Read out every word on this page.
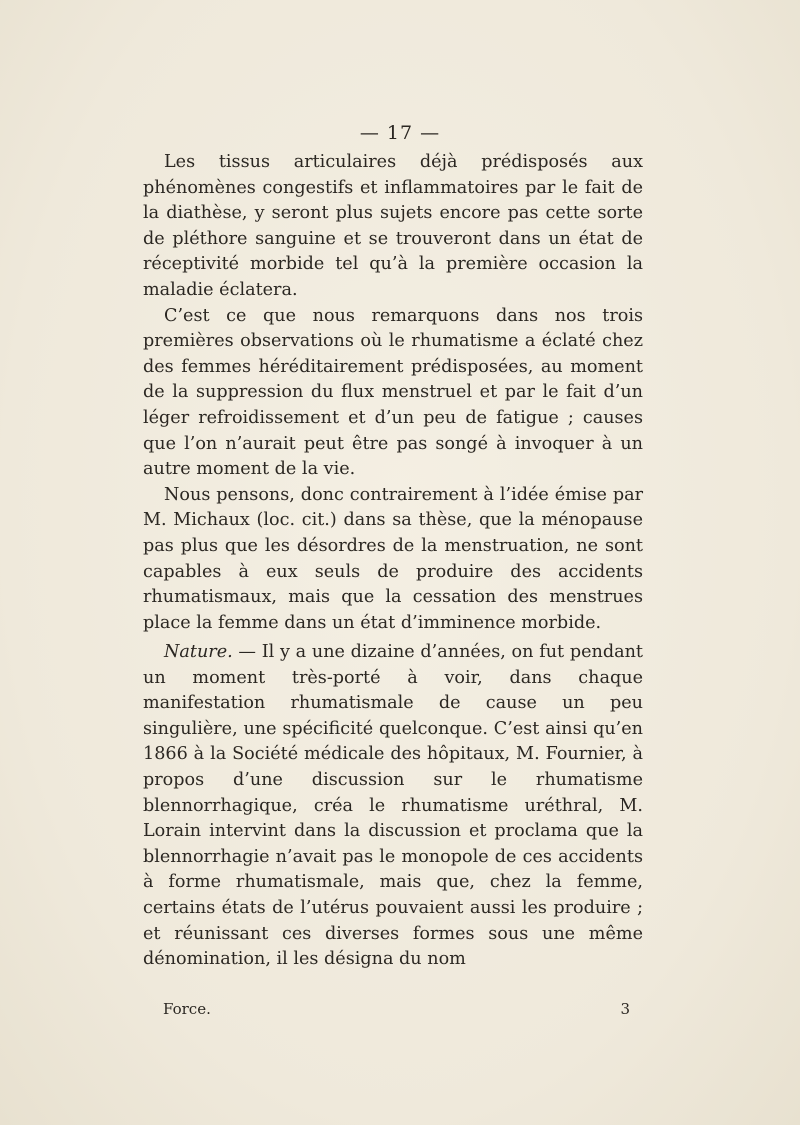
— 17 —

Les tissus articulaires déjà prédisposés aux phénomènes congestifs et inflammatoires par le fait de la diathèse, y seront plus sujets encore pas cette sorte de pléthore sanguine et se trouveront dans un état de réceptivité morbide tel qu’à la première occasion la maladie éclatera.

C’est ce que nous remarquons dans nos trois premières observations où le rhumatisme a éclaté chez des femmes héréditairement prédisposées, au moment de la suppression du flux menstruel et par le fait d’un léger refroidissement et d’un peu de fatigue ; causes que l’on n’aurait peut être pas songé à invoquer à un autre moment de la vie.

Nous pensons, donc contrairement à l’idée émise par M. Michaux (loc. cit.) dans sa thèse, que la ménopause pas plus que les désordres de la menstruation, ne sont capables à eux seuls de produire des accidents rhumatismaux, mais que la cessation des menstrues place la femme dans un état d’imminence morbide.

Nature. — Il y a une dizaine d’années, on fut pendant un moment très-porté à voir, dans chaque manifestation rhumatismale de cause un peu singulière, une spécificité quelconque. C’est ainsi qu’en 1866 à la Société médicale des hôpitaux, M. Fournier, à propos d’une discussion sur le rhumatisme blennorrhagique, créa le rhumatisme uréthral, M. Lorain intervint dans la discussion et proclama que la blennorrhagie n’avait pas le monopole de ces accidents à forme rhumatismale, mais que, chez la femme, certains états de l’utérus pouvaient aussi les produire ; et réunissant ces diverses formes sous une même dénomination, il les désigna du nom

Force.	3
